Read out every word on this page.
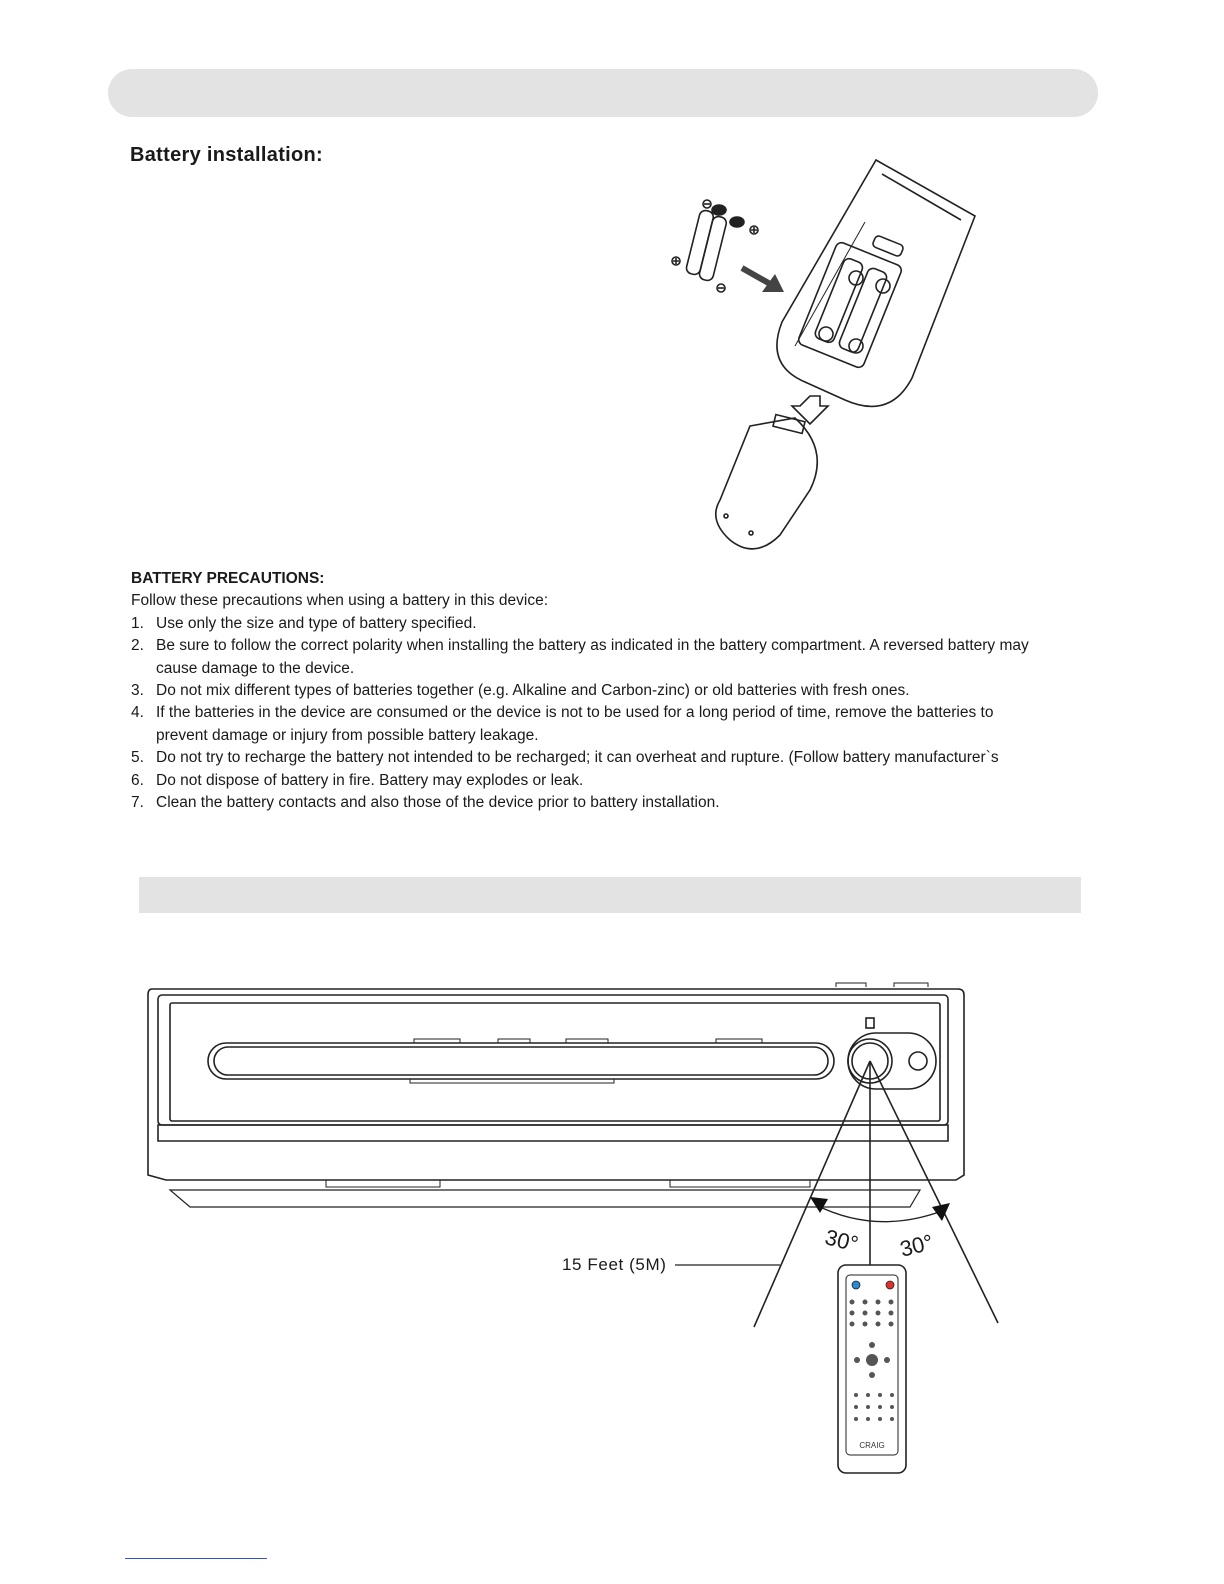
Battery installation:
BATTERY PRECAUTIONS:
Follow these precautions when using a battery in this device:
1. Use only the size and type of battery specified.
2. Be sure to follow the correct polarity when installing the battery as indicated in the battery compartment. A reversed battery may cause damage to the device.
3. Do not mix different types of batteries together (e.g. Alkaline and Carbon-zinc) or old batteries with fresh ones.
4. If the batteries in the device are consumed or the device is not to be used for a long period of time, remove the batteries to prevent damage or injury from possible battery leakage.
5. Do not try to recharge the battery not intended to be recharged; it can overheat and rupture. (Follow battery manufacturer`s
6. Do not dispose of battery in fire. Battery may explodes or leak.
7. Clean the battery contacts and also those of the device prior to battery installation.
CRAIG
15 Feet (5M)
30° 30°
